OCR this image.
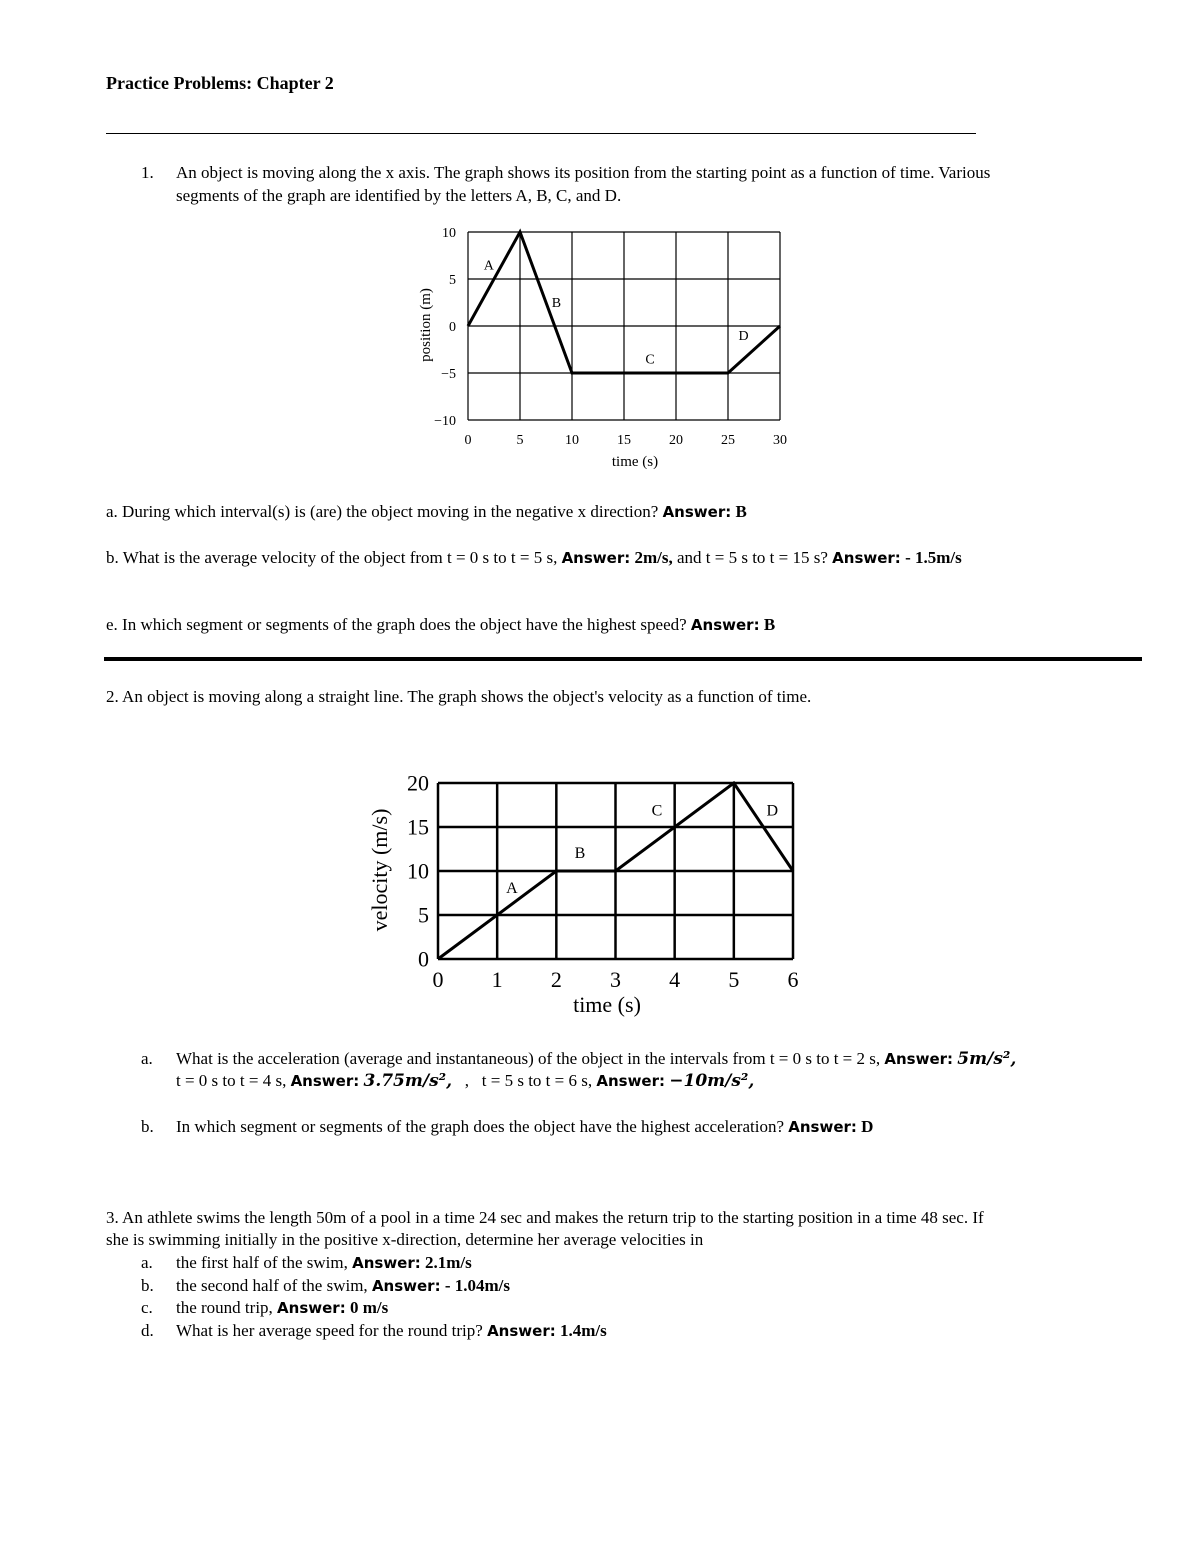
Practice Problems: Chapter 2
1. An object is moving along the x axis. The graph shows its position from the starting point as a function of time. Various
segments of the graph are identified by the letters A, B, C, and D.
10
5
0
−5
−10
0	5	10	15	20	25	30
A
B
C
D
time (s)
position (m)
a. During which interval(s) is (are) the object moving in the negative x direction? Answer: B
b. What is the average velocity of the object from t = 0 s to t = 5 s, Answer: 2m/s, and t = 5 s to t = 15 s? Answer: - 1.5m/s
e. In which segment or segments of the graph does the object have the highest speed? Answer: B
2. An object is moving along a straight line. The graph shows the object's velocity as a function of time.
20
15
10
5
0
0 1 2 3 4 5 6
A
B
C	D
time (s)
velocity (m/s)
a. What is the acceleration (average and instantaneous) of the object in the intervals from t = 0 s to t = 2 s, Answer: 5m/s²,
t = 0 s to t = 4 s, Answer: 3.75m/s², , t = 5 s to t = 6 s, Answer: −10m/s²,
b. In which segment or segments of the graph does the object have the highest acceleration? Answer: D
3. An athlete swims the length 50m of a pool in a time 24 sec and makes the return trip to the starting position in a time 48 sec. If
she is swimming initially in the positive x-direction, determine her average velocities in
a. the first half of the swim, Answer: 2.1m/s
b. the second half of the swim, Answer: - 1.04m/s
c. the round trip, Answer: 0 m/s
d. What is her average speed for the round trip? Answer: 1.4m/s
